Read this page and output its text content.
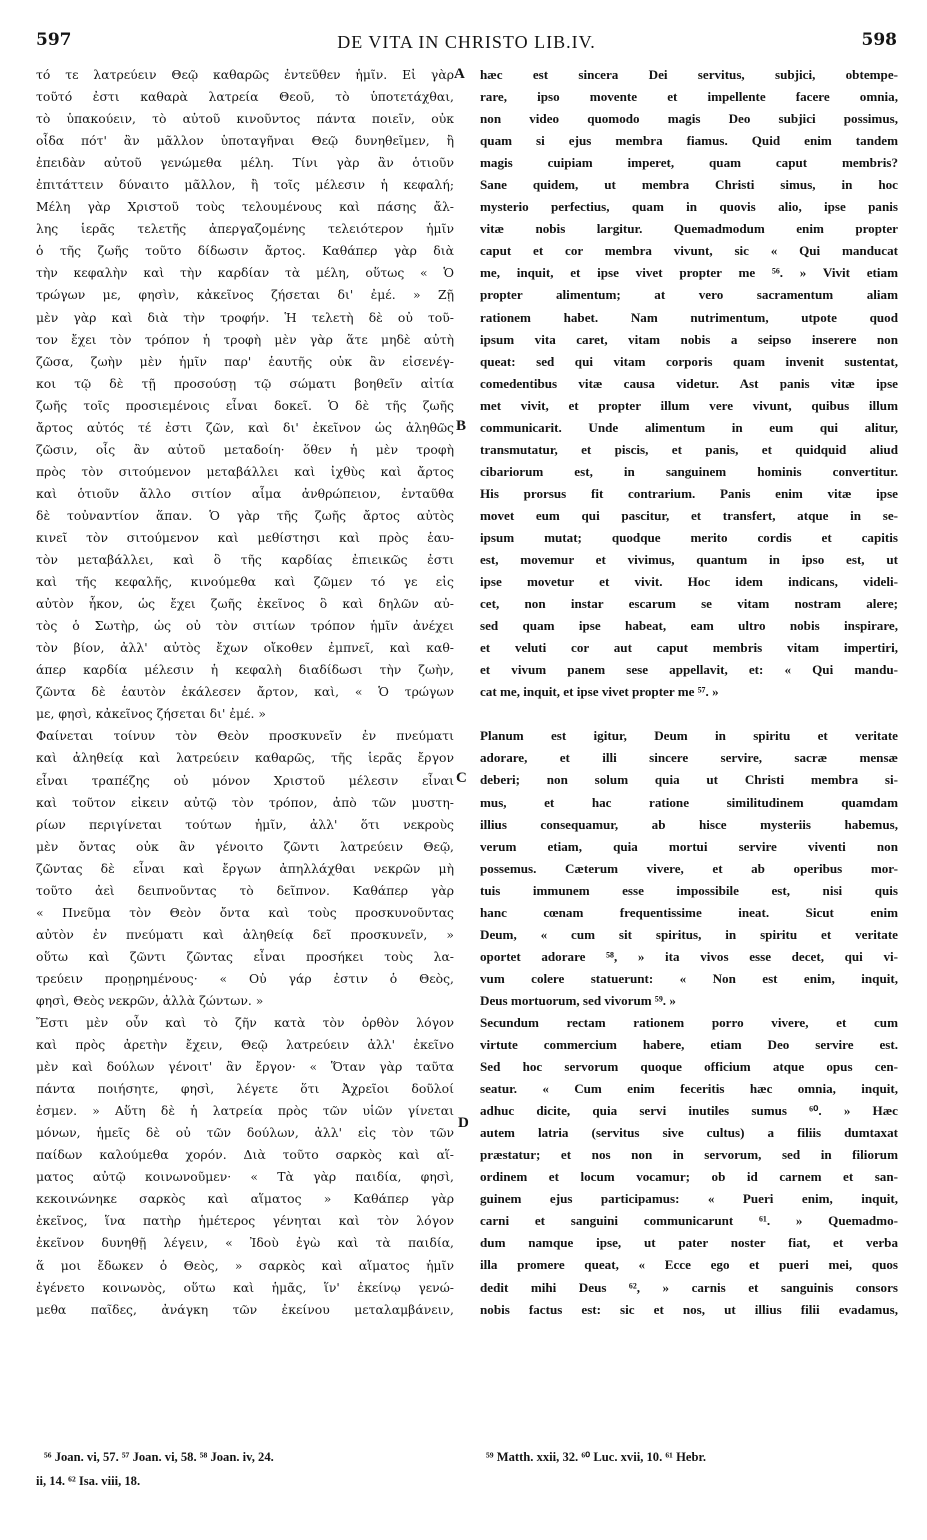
597	DE VITA IN CHRISTO LIB.IV.	598
τό τε λατρεύειν Θεῷ καθαρῶς ἐντεῦθεν ἡμῖν. Εἰ γὰρ
τοῦτό ἐστι καθαρὰ λατρεία Θεοῦ, τὸ ὑποτετάχθαι,
τὸ ὑπακούειν, τὸ αὐτοῦ κινοῦντος πάντα ποιεῖν, οὐκ
οἶδα πότ' ἂν μᾶλλον ὑποταγῆναι Θεῷ δυνηθεῖμεν, ἢ
ἐπειδὰν αὐτοῦ γενώμεθα μέλη. Τίνι γὰρ ἂν ὁτιοῦν
ἐπιτάττειν δύναιτο μᾶλλον, ἢ τοῖς μέλεσιν ἡ κεφαλή;
Μέλη γὰρ Χριστοῦ τοὺς τελουμένους καὶ πάσης ἄλ-
λης ἱερᾶς τελετῆς ἀπεργαζομένης τελειότερον ἡμῖν
ὁ τῆς ζωῆς τοῦτο δίδωσιν ἄρτος. Καθάπερ γὰρ διὰ
τὴν κεφαλὴν καὶ τὴν καρδίαν τὰ μέλη, οὕτως « Ὁ
τρώγων με, φησὶν, κἀκεῖνος ζήσεται δι' ἐμέ. » Ζῇ
μὲν γὰρ καὶ διὰ τὴν τροφήν. Ἡ τελετὴ δὲ οὐ τοῦ-
τον ἔχει τὸν τρόπον ἡ τροφὴ μὲν γὰρ ἅτε μηδὲ αὐτὴ
ζῶσα, ζωὴν μὲν ἡμῖν παρ' ἑαυτῆς οὐκ ἂν εἰσενέγ-
κοι τῷ δὲ τῇ προσούσῃ τῷ σώματι βοηθεῖν αἰτία
ζωῆς τοῖς προσιεμένοις εἶναι δοκεῖ. Ὁ δὲ τῆς ζωῆς
ἄρτος αὐτός τέ ἐστι ζῶν, καὶ δι' ἐκεῖνον ὡς ἀληθῶς
ζῶσιν, οἷς ἂν αὐτοῦ μεταδοίη· ὅθεν ἡ μὲν τροφὴ
πρὸς τὸν σιτούμενον μεταβάλλει καὶ ἰχθὺς καὶ ἄρτος
καὶ ὁτιοῦν ἄλλο σιτίον αἷμα ἀνθρώπειον, ἐνταῦθα
δὲ τοὐναντίον ἅπαν. Ὁ γὰρ τῆς ζωῆς ἄρτος αὐτὸς
κινεῖ τὸν σιτούμενον καὶ μεθίστησι καὶ πρὸς ἑαυ-
τὸν μεταβάλλει, καὶ ὃ τῆς καρδίας ἐπιεικῶς ἐστι
καὶ τῆς κεφαλῆς, κινούμεθα καὶ ζῶμεν τό γε εἰς
αὐτὸν ἧκον, ὡς ἔχει ζωῆς ἐκεῖνος ὃ καὶ δηλῶν αὐ-
τὸς ὁ Σωτὴρ, ὡς οὐ τὸν σιτίων τρόπον ἡμῖν ἀνέχει
τὸν βίον, ἀλλ' αὐτὸς ἔχων οἴκοθεν ἐμπνεῖ, καὶ καθ-
άπερ καρδία μέλεσιν ἡ κεφαλὴ διαδίδωσι τὴν ζωὴν,
ζῶντα δὲ ἑαυτὸν ἐκάλεσεν ἄρτον, καὶ, « Ὁ τρώγων
με, φησὶ, κἀκεῖνος ζήσεται δι' ἐμέ. »
Φαίνεται τοίνυν τὸν Θεὸν προσκυνεῖν ἐν πνεύματι
καὶ ἀληθείᾳ καὶ λατρεύειν καθαρῶς, τῆς ἱερᾶς ἔργον
εἶναι τραπέζης οὐ μόνον Χριστοῦ μέλεσιν εἶναι
καὶ τοῦτον εἰκειν αὐτῷ τὸν τρόπον, ἀπὸ τῶν μυστη-
ρίων περιγίνεται τούτων ἡμῖν, ἀλλ' ὅτι νεκροὺς
μὲν ὄντας οὐκ ἂν γένοιτο ζῶντι λατρεύειν Θεῷ,
ζῶντας δὲ εἶναι καὶ ἔργων ἀπηλλάχθαι νεκρῶν μὴ
τοῦτο ἀεὶ δειπνοῦντας τὸ δεῖπνον. Καθάπερ γὰρ
« Πνεῦμα τὸν Θεὸν ὄντα καὶ τοὺς προσκυνοῦντας
αὐτὸν ἐν πνεύματι καὶ ἀληθείᾳ δεῖ προσκυνεῖν, »
οὕτω καὶ ζῶντι ζῶντας εἶναι προσήκει τοὺς λα-
τρεύειν προῃρημένους· « Οὐ γάρ ἐστιν ὁ Θεὸς,
φησὶ, Θεὸς νεκρῶν, ἀλλὰ ζώντων. »
Ἔστι μὲν οὖν καὶ τὸ ζῆν κατὰ τὸν ὀρθὸν λόγον
καὶ πρὸς ἀρετὴν ἔχειν, Θεῷ λατρεύειν ἀλλ' ἐκεῖνο
μὲν καὶ δούλων γένοιτ' ἂν ἔργον· « Ὅταν γὰρ ταῦτα
πάντα ποιήσητε, φησὶ, λέγετε ὅτι Ἀχρεῖοι δοῦλοί
ἐσμεν. » Αὕτη δὲ ἡ λατρεία πρὸς τῶν υἱῶν γίνεται
μόνων, ἡμεῖς δὲ οὐ τῶν δούλων, ἀλλ' εἰς τὸν τῶν
παίδων καλούμεθα χορόν. Διὰ τοῦτο σαρκὸς καὶ αἵ-
ματος αὐτῷ κοινωνοῦμεν· « Τὰ γὰρ παιδία, φησὶ,
κεκοινώνηκε σαρκὸς καὶ αἵματος » Καθάπερ γὰρ
ἐκεῖνος, ἵνα πατὴρ ἡμέτερος γένηται καὶ τὸν λόγον
ἐκεῖνον δυνηθῇ λέγειν, « Ἰδοὺ ἐγὼ καὶ τὰ παιδία,
ἅ μοι ἔδωκεν ὁ Θεὸς, » σαρκὸς καὶ αἵματος ἡμῖν
ἐγένετο κοινωνὸς, οὕτω καὶ ἡμᾶς, ἵν' ἐκείνῳ γενώ-
μεθα παῖδες, ἀνάγκη τῶν ἐκείνου μεταλαμβάνειν,
hæc est sincera Dei servitus, subjici, obtempe-
rare, ipso movente et impellente facere omnia,
non video quomodo magis Deo subjici possimus,
quam si ejus membra fiamus. Quid enim tandem
magis cuipiam imperet, quam caput membris?
Sane quidem, ut membra Christi simus, in hoc
mysterio perfectius, quam in quovis alio, ipse panis
vitæ nobis largitur. Quemadmodum enim propter
caput et cor membra vivunt, sic « Qui manducat
me, inquit, et ipse vivet propter me ⁵⁶. » Vivit etiam
propter alimentum; at vero sacramentum aliam
rationem habet. Nam nutrimentum, utpote quod
ipsum vita caret, vitam nobis a seipso inserere non
queat: sed qui vitam corporis quam invenit sustentat,
comedentibus vitæ causa videtur. Ast panis vitæ ipse
met vivit, et propter illum vere vivunt, quibus illum
communicarit. Unde alimentum in eum qui alitur,
transmutatur, et piscis, et panis, et quidquid aliud
cibariorum est, in sanguinem hominis convertitur.
His prorsus fit contrarium. Panis enim vitæ ipse
movet eum qui pascitur, et transfert, atque in se-
ipsum mutat; quodque merito cordis et capitis
est, movemur et vivimus, quantum in ipso est, ut
ipse movetur et vivit. Hoc idem indicans, videli-
cet, non instar escarum se vitam nostram alere;
sed quam ipse habeat, eam ultro nobis inspirare,
et veluti cor aut caput membris vitam impertiri,
et vivum panem sese appellavit, et: « Qui mandu-
cat me, inquit, et ipse vivet propter me ⁵⁷. »
Planum est igitur, Deum in spiritu et veritate
adorare, et illi sincere servire, sacræ mensæ
deberi; non solum quia ut Christi membra si-
mus, et hac ratione similitudinem quamdam
illius consequamur, ab hisce mysteriis habemus,
verum etiam, quia mortui servire viventi non
possemus. Cæterum vivere, et ab operibus mor-
tuis immunem esse impossibile est, nisi quis
hanc cœnam frequentissime ineat. Sicut enim
Deum, « cum sit spiritus, in spiritu et veritate
oportet adorare ⁵⁸, » ita vivos esse decet, qui vi-
vum colere statuerunt: « Non est enim, inquit,
Deus mortuorum, sed vivorum ⁵⁹. »
Secundum rectam rationem porro vivere, et cum
virtute commercium habere, etiam Deo servire est.
Sed hoc servorum quoque officium atque opus cen-
seatur. « Cum enim feceritis hæc omnia, inquit,
adhuc dicite, quia servi inutiles sumus ⁶⁰. » Hæc
autem latria (servitus sive cultus) a filiis dumtaxat
præstatur; et nos non in servorum, sed in filiorum
ordinem et locum vocamur; ob id carnem et san-
guinem ejus participamus: « Pueri enim, inquit,
carni et sanguini communicarunt ⁶¹. » Quemadmo-
dum namque ipse, ut pater noster fiat, et verba
illa promere queat, « Ecce ego et pueri mei, quos
dedit mihi Deus ⁶², » carnis et sanguinis consors
nobis factus est: sic et nos, ut illius filii evadamus,
A
B
C
D
⁵⁶ Joan. vi, 57. ⁵⁷ Joan. vi, 58. ⁵⁸ Joan. iv, 24.
ii, 14. ⁶² Isa. viii, 18.
⁵⁹ Matth. xxii, 32. ⁶⁰ Luc. xvii, 10. ⁶¹ Hebr.
